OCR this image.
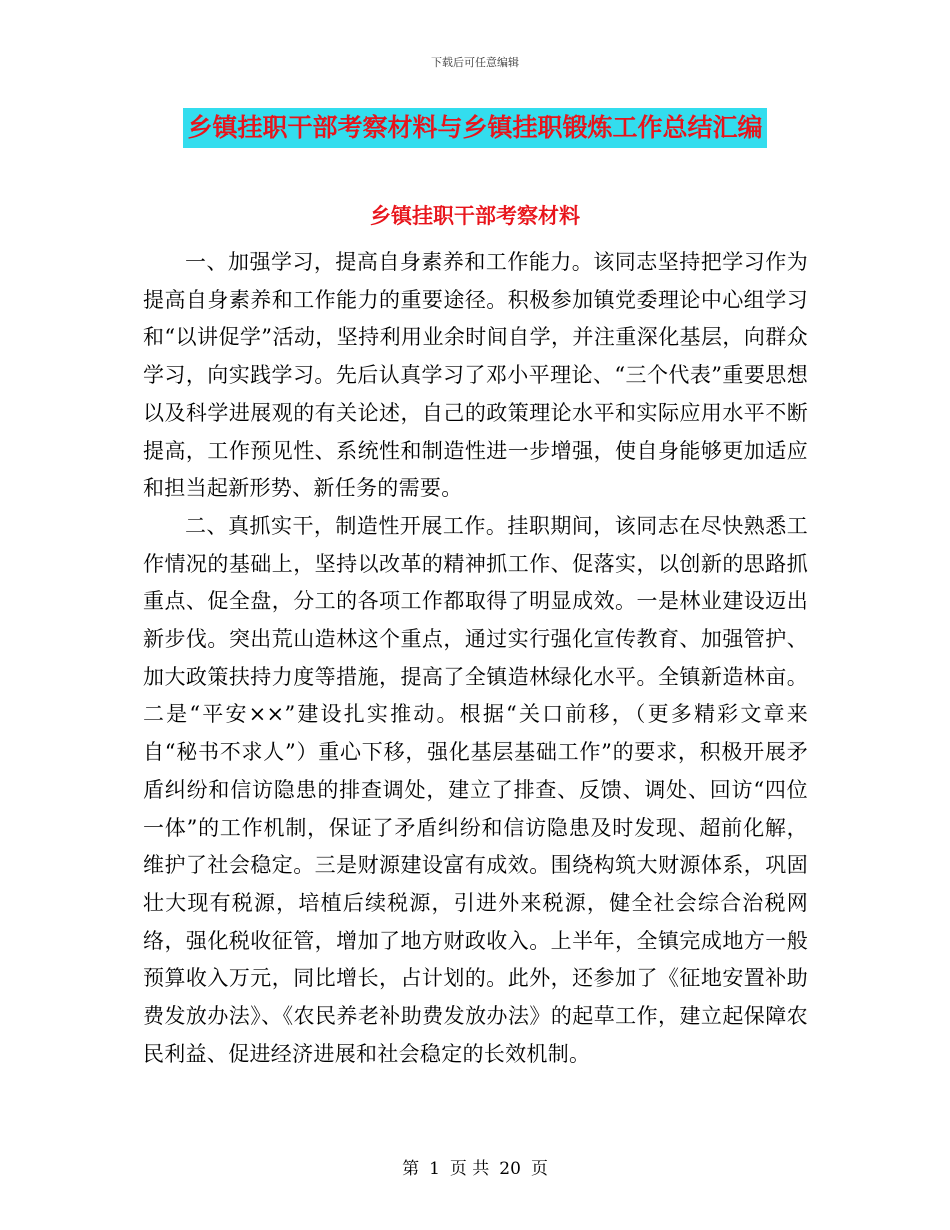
下载后可任意编辑
乡镇挂职干部考察材料与乡镇挂职锻炼工作总结汇编
乡镇挂职干部考察材料

一、加强学习，提高自身素养和工作能力。该同志坚持把学习作为提高自身素养和工作能力的重要途径。积极参加镇党委理论中心组学习和“以讲促学”活动，坚持利用业余时间自学，并注重深化基层，向群众学习，向实践学习。先后认真学习了邓小平理论、“三个代表”重要思想以及科学进展观的有关论述，自己的政策理论水平和实际应用水平不断提高，工作预见性、系统性和制造性进一步增强，使自身能够更加适应和担当起新形势、新任务的需要。

二、真抓实干，制造性开展工作。挂职期间，该同志在尽快熟悉工作情况的基础上，坚持以改革的精神抓工作、促落实，以创新的思路抓重点、促全盘，分工的各项工作都取得了明显成效。一是林业建设迈出新步伐。突出荒山造林这个重点，通过实行强化宣传教育、加强管护、加大政策扶持力度等措施，提高了全镇造林绿化水平。全镇新造林亩。二是“平安××”建设扎实推动。根据“关口前移，（更多精彩文章来自“秘书不求人”）重心下移，强化基层基础工作”的要求，积极开展矛盾纠纷和信访隐患的排查调处，建立了排查、反馈、调处、回访“四位一体”的工作机制，保证了矛盾纠纷和信访隐患及时发现、超前化解，维护了社会稳定。三是财源建设富有成效。围绕构筑大财源体系，巩固壮大现有税源，培植后续税源，引进外来税源，健全社会综合治税网络，强化税收征管，增加了地方财政收入。上半年，全镇完成地方一般预算收入万元，同比增长，占计划的。此外，还参加了《征地安置补助费发放办法》、《农民养老补助费发放办法》的起草工作，建立起保障农民利益、促进经济进展和社会稳定的长效机制。

第 1 页 共 20 页
